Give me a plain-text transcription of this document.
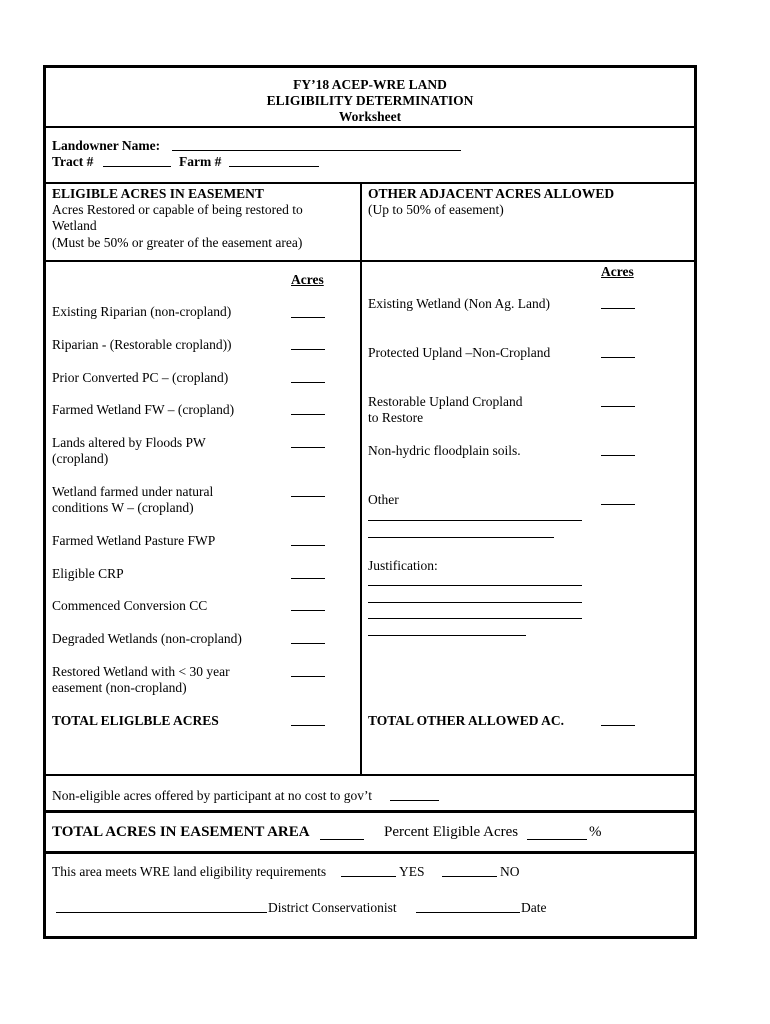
FY’18 ACEP-WRE LAND
ELIGIBILITY DETERMINATION
Worksheet
Landowner Name:
Tract #	Farm #
ELIGIBLE ACRES IN EASEMENT
Acres Restored or capable of being restored to
Wetland
(Must be 50% or greater of the easement area)
OTHER ADJACENT ACRES ALLOWED
(Up to 50% of easement)
Acres
Acres
Existing Riparian (non-cropland)
Riparian - (Restorable cropland))
Prior Converted PC – (cropland)
Farmed Wetland FW – (cropland)
Lands altered by Floods PW
(cropland)
Wetland farmed under natural
conditions W – (cropland)
Farmed Wetland Pasture FWP
Eligible CRP
Commenced Conversion CC
Degraded Wetlands (non-cropland)
Restored Wetland with < 30 year
easement (non-cropland)
TOTAL ELIGLBLE ACRES
Existing Wetland (Non Ag. Land)
Protected Upland –Non-Cropland
Restorable Upland Cropland
to Restore
Non-hydric floodplain soils.
Other
Justification:
TOTAL OTHER ALLOWED AC.
Non-eligible acres offered by participant at no cost to gov’t
TOTAL ACRES IN EASEMENT AREA	Percent Eligible Acres	%
This area meets WRE land eligibility requirements	YES	NO
District Conservationist	Date
